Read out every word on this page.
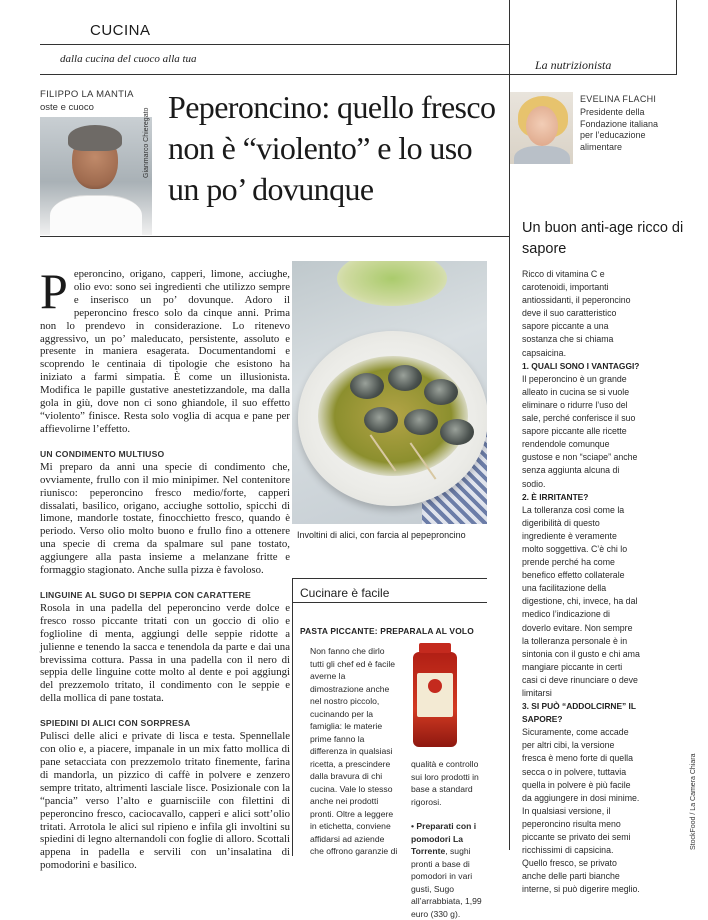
CUCINA
dalla cucina del cuoco alla tua	La nutrizionista
FILIPPO LA MANTIA
oste e cuoco
Gianmarco Chieregato
Peperoncino: quello fresco non è “violento” e lo uso un po’ dovunque

Peperoncino, origano, capperi, limone, acciughe, olio evo: sono sei ingredienti che utilizzo sempre e inserisco un po’ dovunque. Adoro il peperoncino fresco solo da cinque anni. Prima non lo prendevo in considerazione. Lo ritenevo aggressivo, un po’ maleducato, persistente, assoluto e presente in maniera esagerata. Documentandomi e scoprendo le centinaia di tipologie che esistono ha iniziato a farmi simpatia. È come un illusionista. Modifica le papille gustative anestetizzandole, ma dalla gola in giù, dove non ci sono ghiandole, il suo effetto “violento” finisce. Resta solo voglia di acqua e pane per affievolirne l’effetto.

UN CONDIMENTO MULTIUSO

Mi preparo da anni una specie di condimento che, ovviamente, frullo con il mio minipimer. Nel contenitore riunisco: peperoncino fresco medio/forte, capperi dissalati, basilico, origano, acciughe sottolio, spicchi di limone, mandorle tostate, finocchietto fresco, quando è periodo. Verso olio molto buono e frullo fino a ottenere una specie di crema da spalmare sul pane tostato, aggiungere alla pasta insieme a melanzane fritte e formaggio stagionato. Anche sulla pizza è favoloso.

LINGUINE AL SUGO DI SEPPIA CON CARATTERE

Rosola in una padella del peperoncino verde dolce e fresco rosso piccante tritati con un goccio di olio e foglioline di menta, aggiungi delle seppie ridotte a julienne e tenendo la sacca e tenendola da parte e dai una brevissima cottura. Passa in una padella con il nero di seppia delle linguine cotte molto al dente e poi aggiungi del prezzemolo tritato, il condimento con le seppie e della mollica di pane tostata.

SPIEDINI DI ALICI CON SORPRESA

Pulisci delle alici e private di lisca e testa. Spennellale con olio e, a piacere, impanale in un mix fatto mollica di pane setacciata con prezzemolo tritato finemente, farina di mandorla, un pizzico di caffè in polvere e zenzero sempre tritato, altrimenti lasciale lisce. Posizionale con la “pancia” verso l’alto e guarnisciile con filettini di peperoncino fresco, caciocavallo, capperi e alici sott’olio tritati. Arrotola le alici sul ripieno e infila gli involtini su spiedini di legno alternandoli con foglie di alloro. Scottali appena in padella e servili con un’insalatina di pomodorini e basilico.

Involtini di alici, con farcia al pepeproncino
Cucinare è facile
PASTA PICCANTE: PREPARALA AL VOLO

Non fanno che dirlo tutti gli chef ed è facile averne la dimostrazione anche nel nostro piccolo, cucinando per la famiglia: le materie prime fanno la differenza in qualsiasi ricetta, a prescindere dalla bravura di chi cucina. Vale lo stesso anche nei prodotti pronti. Oltre a leggere in etichetta, conviene affidarsi ad aziende che offrono garanzie di

qualità e controllo sui loro prodotti in base a standard rigorosi.

• Preparati con i pomodori La Torrente, sughi pronti a base di pomodori in vari gusti, Sugo all’arrabbiata, 1,99 euro (330 g).

EVELINA FLACHI
Presidente della Fondazione italiana per l’educazione alimentare
Un buon anti-age ricco di sapore

Ricco di vitamina C e carotenoidi, importanti antiossidanti, il peperoncino deve il suo caratteristico sapore piccante a una sostanza che si chiama capsaicina.

1. QUALI SONO I VANTAGGI?

Il peperoncino è un grande alleato in cucina se si vuole eliminare o ridurre l’uso del sale, perché conferisce il suo sapore piccante alle ricette rendendole comunque gustose e non “sciape” anche senza aggiunta alcuna di sodio.

2. È IRRITANTE?

La tolleranza così come la digeribilità di questo ingrediente è veramente molto soggettiva. C’è chi lo prende perché ha come benefico effetto collaterale una facilitazione della digestione, chi, invece, ha dal medico l’indicazione di doverlo evitare. Non sempre la tolleranza personale è in sintonia con il gusto e chi ama mangiare piccante in certi casi ci deve rinunciare o deve limitarsi

3. SI PUÒ “ADDOLCIRNE” IL SAPORE?

Sicuramente, come accade per altri cibi, la versione fresca è meno forte di quella secca o in polvere, tuttavia quella in polvere è più facile da aggiungere in dosi minime. In qualsiasi versione, il peperoncino risulta meno piccante se privato dei semi ricchissimi di capsicina. Quello fresco, se privato anche delle parti bianche interne, si può digerire meglio.

StockFood / La Camera Chiara
